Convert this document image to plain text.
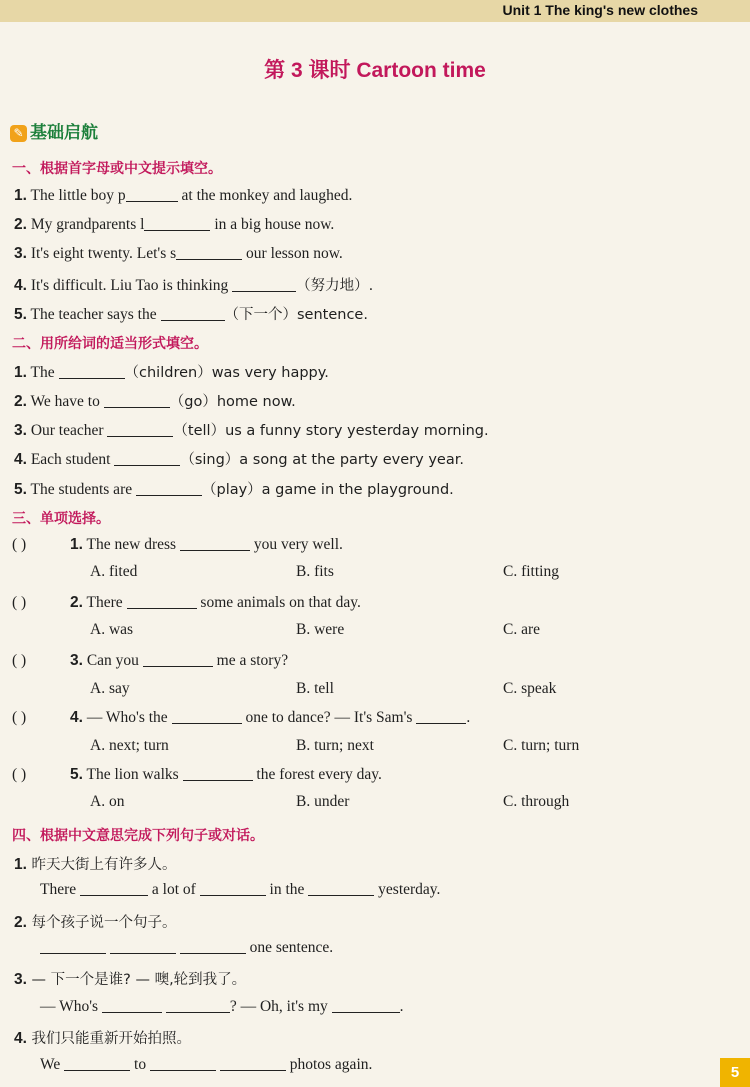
Unit 1 The king's new clothes
第 3 课时 Cartoon time
✎ 基础启航
一、根据首字母或中文提示填空。
1. The little boy p	at the monkey and laughed.
2. My grandparents l	in a big house now.
3. It's eight twenty. Let's s	our lesson now.
4. It's difficult. Liu Tao is thinking	（努力地）.
5. The teacher says the	（下一个）sentence.
二、用所给词的适当形式填空。
1. The	（children）was very happy.
2. We have to	（go）home now.
3. Our teacher	（tell）us a funny story yesterday morning.
4. Each student	（sing）a song at the party every year.
5. The students are	（play）a game in the playground.
三、单项选择。
( )	1. The new dress	you very well.
A. fited	B. fits	C. fitting
( )	2. There	some animals on that day.
A. was	B. were	C. are
( )	3. Can you	me a story?
A. say	B. tell	C. speak
( )	4. — Who's the	one to dance? — It's Sam's	.
A. next; turn	B. turn; next	C. turn; turn
( )	5. The lion walks	the forest every day.
A. on	B. under	C. through
四、根据中文意思完成下列句子或对话。
1. 昨天大街上有许多人。
There	a lot of	in the	yesterday.
2. 每个孩子说一个句子。
one sentence.
3. — 下一个是谁? — 噢,轮到我了。
— Who's	? — Oh, it's my	.
4. 我们只能重新开始拍照。
We	to	photos again.	5
